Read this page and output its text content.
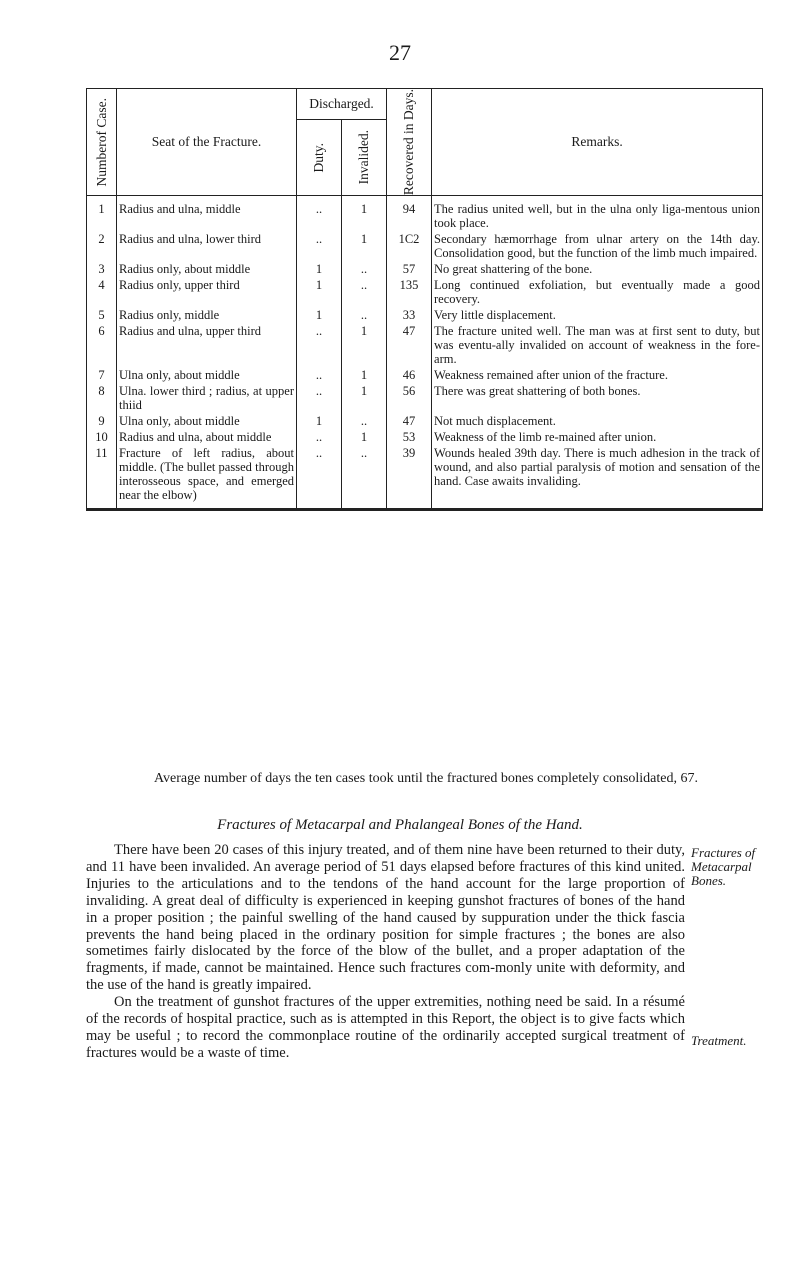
27
Numberof Case.	Seat of the Fracture.	Discharged.		Recovered in Days.	Remarks.

		Duty.	Invalided.		

1	Radius and ulna, middle	..	1	94	The radius united well, but in the ulna only liga-mentous union took place.
2	Radius and ulna, lower third	..	1	1C2	Secondary hæmorrhage from ulnar artery on the 14th day. Consolidation good, but the function of the limb much impaired.
3	Radius only, about middle	1	..	57	No great shattering of the bone.
4	Radius only, upper third	1	..	135	Long continued exfoliation, but eventually made a good recovery.
5	Radius only, middle	1	..	33	Very little displacement.
6	Radius and ulna, upper third	..	1	47	The fracture united well. The man was at first sent to duty, but was eventu-ally invalided on account of weakness in the fore-arm.
7	Ulna only, about middle	..	1	46	Weakness remained after union of the fracture.
8	Ulna. lower third ; radius, at upper thiid	..	1	56	There was great shattering of both bones.
9	Ulna only, about middle	1	..	47	Not much displacement.
10	Radius and ulna, about middle	..	1	53	Weakness of the limb re-mained after union.
11	Fracture of left radius, about middle. (The bullet passed through interosseous space, and emerged near the elbow)	..	..	39	Wounds healed 39th day. There is much adhesion in the track of wound, and also partial paralysis of motion and sensation of the hand. Case awaits invaliding.
Average number of days the ten cases took until the fractured bones completely consolidated, 67.
Fractures of Metacarpal and Phalangeal Bones of the Hand.

There have been 20 cases of this injury treated, and of them nine have been returned to their duty, and 11 have been invalided. An average period of 51 days elapsed before fractures of this kind united. Injuries to the articulations and to the tendons of the hand account for the large proportion of invaliding. A great deal of difficulty is experienced in keeping gunshot fractures of bones of the hand in a proper position ; the painful swelling of the hand caused by suppuration under the thick fascia prevents the hand being placed in the ordinary position for simple fractures ; the bones are also sometimes fairly dislocated by the force of the blow of the bullet, and a proper adaptation of the fragments, if made, cannot be maintained. Hence such fractures com-monly unite with deformity, and the use of the hand is greatly impaired.

On the treatment of gunshot fractures of the upper extremities, nothing need be said. In a résumé of the records of hospital practice, such as is attempted in this Report, the object is to give facts which may be useful ; to record the commonplace routine of the ordinarily accepted surgical treatment of fractures would be a waste of time.

Fractures of Metacarpal Bones.
Treatment.
